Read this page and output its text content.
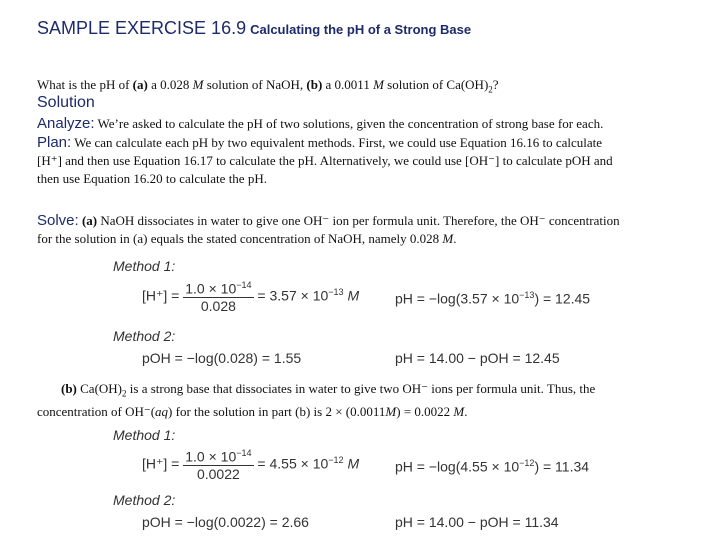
SAMPLE EXERCISE 16.9 Calculating the pH of a Strong Base
What is the pH of (a) a 0.028 M solution of NaOH, (b) a 0.0011 M solution of $Ca(OH)_2$?
Solution
Analyze: We’re asked to calculate the pH of two solutions, given the concentration of strong base for each.
Plan: We can calculate each pH by two equivalent methods. First, we could use Equation 16.16 to calculate
[H⁺] and then use Equation 16.17 to calculate the pH. Alternatively, we could use [OH⁻] to calculate pOH and
then use Equation 16.20 to calculate the pH.
Solve: (a) NaOH dissociates in water to give one OH⁻ ion per formula unit. Therefore, the OH⁻ concentration
for the solution in (a) equals the stated concentration of NaOH, namely 0.028 M.
Method 1:
$[H^+] = \frac{1.0 \times 10^{-14}}{0.028} = 3.57 \times 10^{-13}$ M	pH = $-\log(3.57 \times 10^{-13}) = 12.45$
Method 2:
pOH = −log(0.028) = 1.55	pH = 14.00 − pOH = 12.45
(b) $Ca(OH)_2$ is a strong base that dissociates in water to give two OH⁻ ions per formula unit. Thus, the
concentration of OH⁻(aq) for the solution in part (b) is 2 × (0.0011M) = 0.0022 M.
Method 1:
$[H^+] = \frac{1.0 \times 10^{-14}}{0.0022} = 4.55 \times 10^{-12}$ M	pH = $-\log(4.55 \times 10^{-12}) = 11.34$
Method 2:
pOH = −log(0.0022) = 2.66	pH = 14.00 − pOH = 11.34
